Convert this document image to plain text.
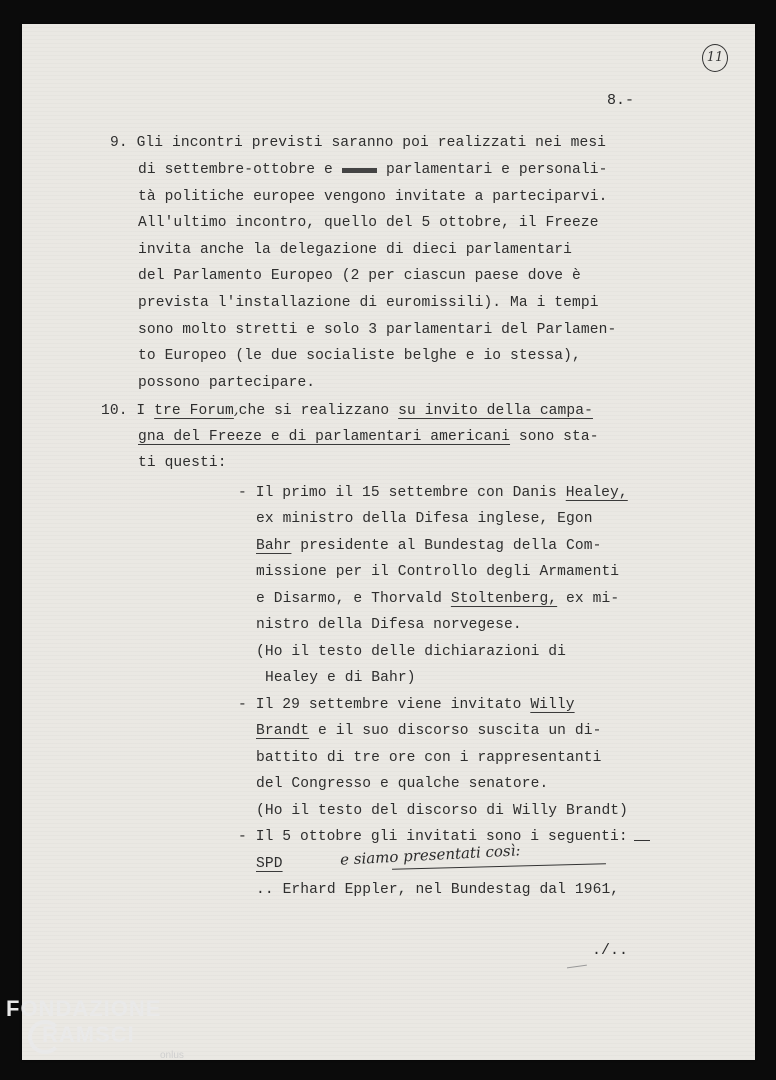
11
8.-
9. Gli incontri previsti saranno poi realizzati nei mesi
di settembre-ottobre e	parlamentari e personali-
tà politiche europee vengono invitate a parteciparvi.
All'ultimo incontro, quello del 5 ottobre, il Freeze
invita anche la delegazione di dieci parlamentari
del Parlamento Europeo (2 per ciascun paese dove è
prevista l'installazione di euromissili). Ma i tempi
sono molto stretti e solo 3 parlamentari del Parlamen-
to Europeo (le due socialiste belghe e io stessa),
possono partecipare.
10. I tre Forum,che si realizzano su invito della campa-
gna del Freeze e di parlamentari americani sono sta-
ti questi:
- Il primo il 15 settembre con Danis Healey,
ex ministro della Difesa inglese, Egon
Bahr presidente al Bundestag della Com-
missione per il Controllo degli Armamenti
e Disarmo, e Thorvald Stoltenberg, ex mi-
nistro della Difesa norvegese.
(Ho il testo delle dichiarazioni di
Healey e di Bahr)
- Il 29 settembre viene invitato Willy
Brandt e il suo discorso suscita un di-
battito di tre ore con i rappresentanti
del Congresso e qualche senatore.
(Ho il testo del discorso di Willy Brandt)
- Il 5 ottobre gli invitati sono i seguenti:
SPD	e siamo presentati così:
.. Erhard Eppler, nel Bundestag dal 1961,
./..
FONDAZIONE
RAMSCI
onlus
